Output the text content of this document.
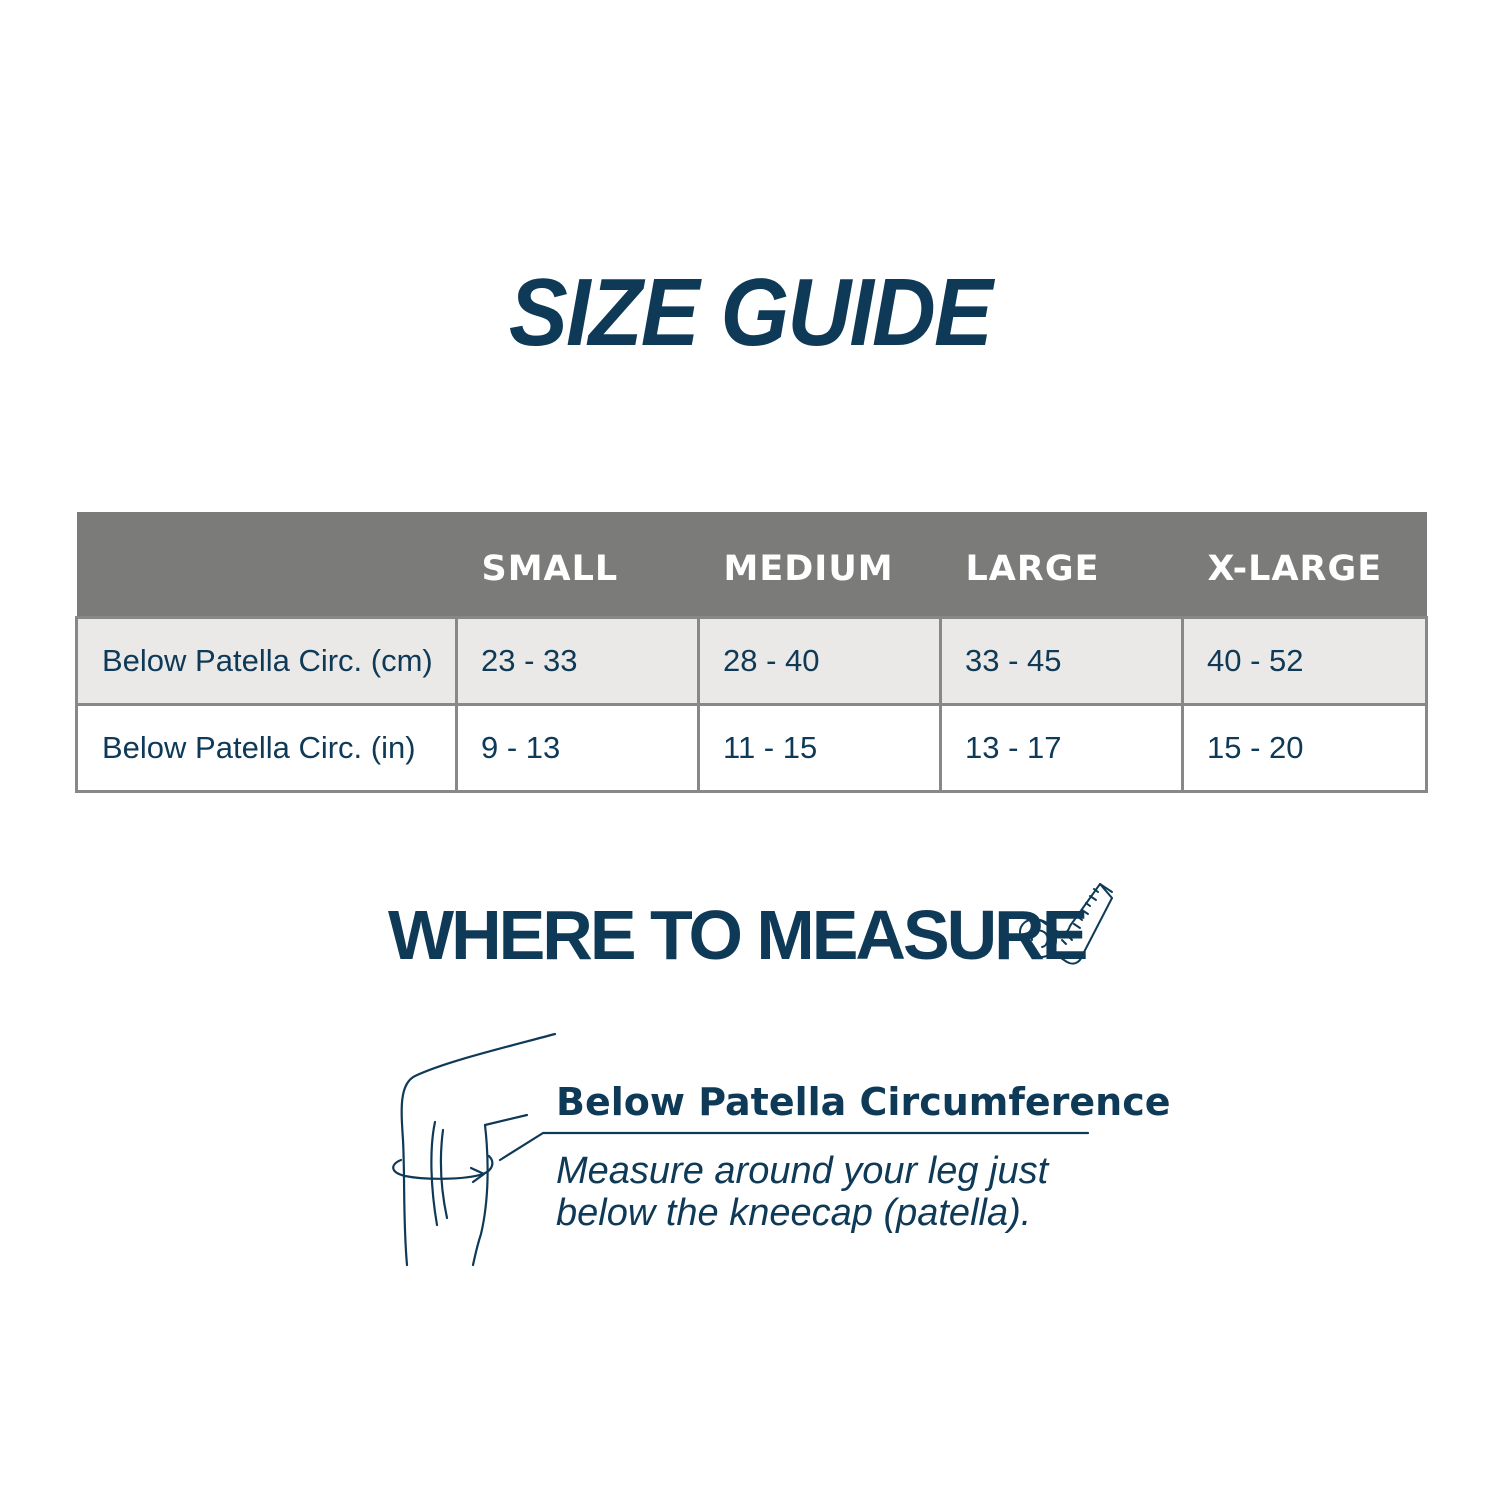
SIZE GUIDE
	SMALL	MEDIUM	LARGE	X-LARGE
Below Patella Circ. (cm)	23 - 33	28 - 40	33 - 45	40 - 52
Below Patella Circ. (in)	9 - 13	11 - 15	13 - 17	15 - 20
WHERE TO MEASURE

Below Patella Circumference

Measure around your leg just below the kneecap (patella).
